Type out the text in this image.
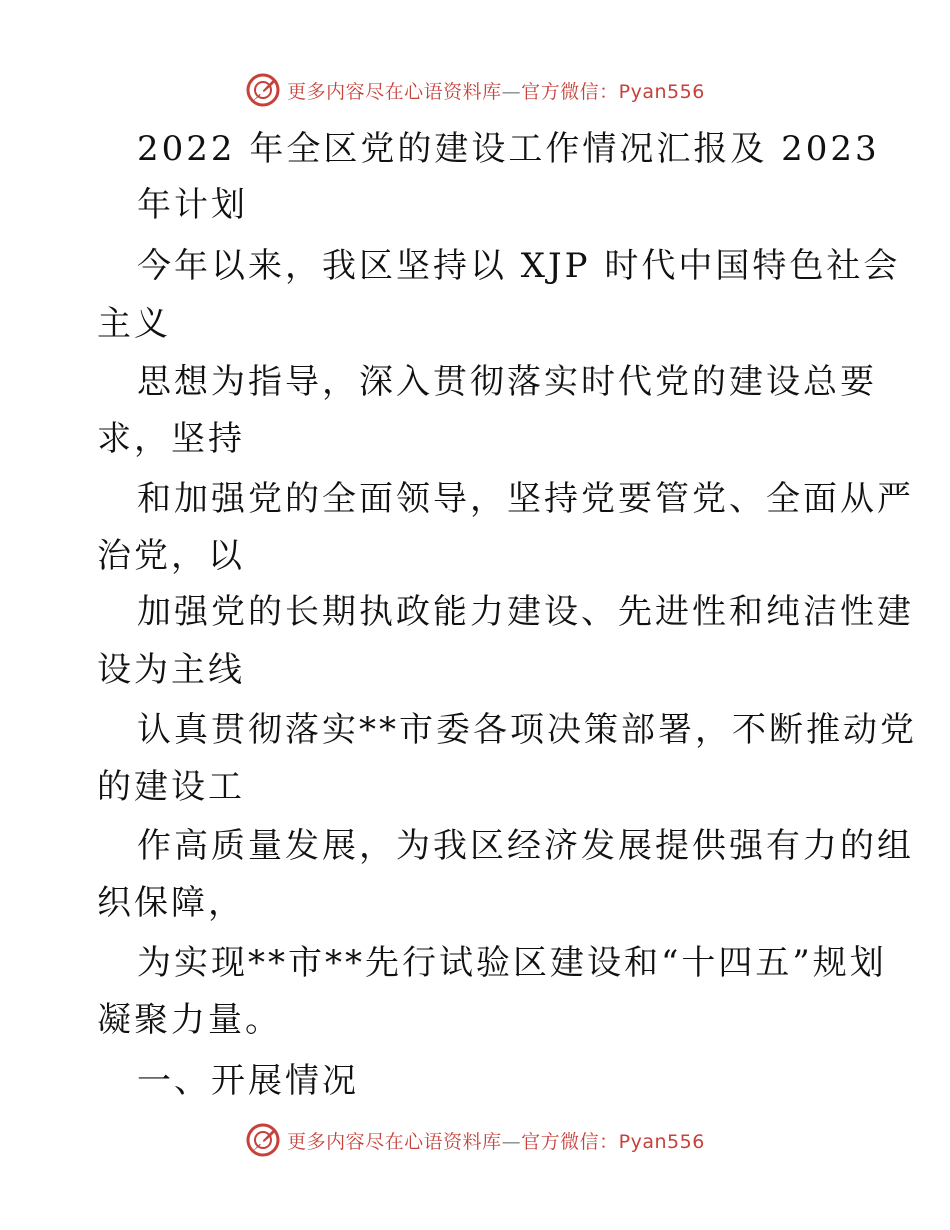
更多内容尽在心语资料库—官方微信：Pyan556
2022 年全区党的建设工作情况汇报及 2023
年计划
今年以来，我区坚持以 XJP 时代中国特色社会
主义
思想为指导，深入贯彻落实时代党的建设总要
求，坚持
和加强党的全面领导，坚持党要管党、全面从严
治党，以
加强党的长期执政能力建设、先进性和纯洁性建
设为主线
认真贯彻落实**市委各项决策部署，不断推动党
的建设工
作高质量发展，为我区经济发展提供强有力的组
织保障，
为实现**市**先行试验区建设和“十四五”规划
凝聚力量。
一、开展情况
更多内容尽在心语资料库—官方微信：Pyan556
